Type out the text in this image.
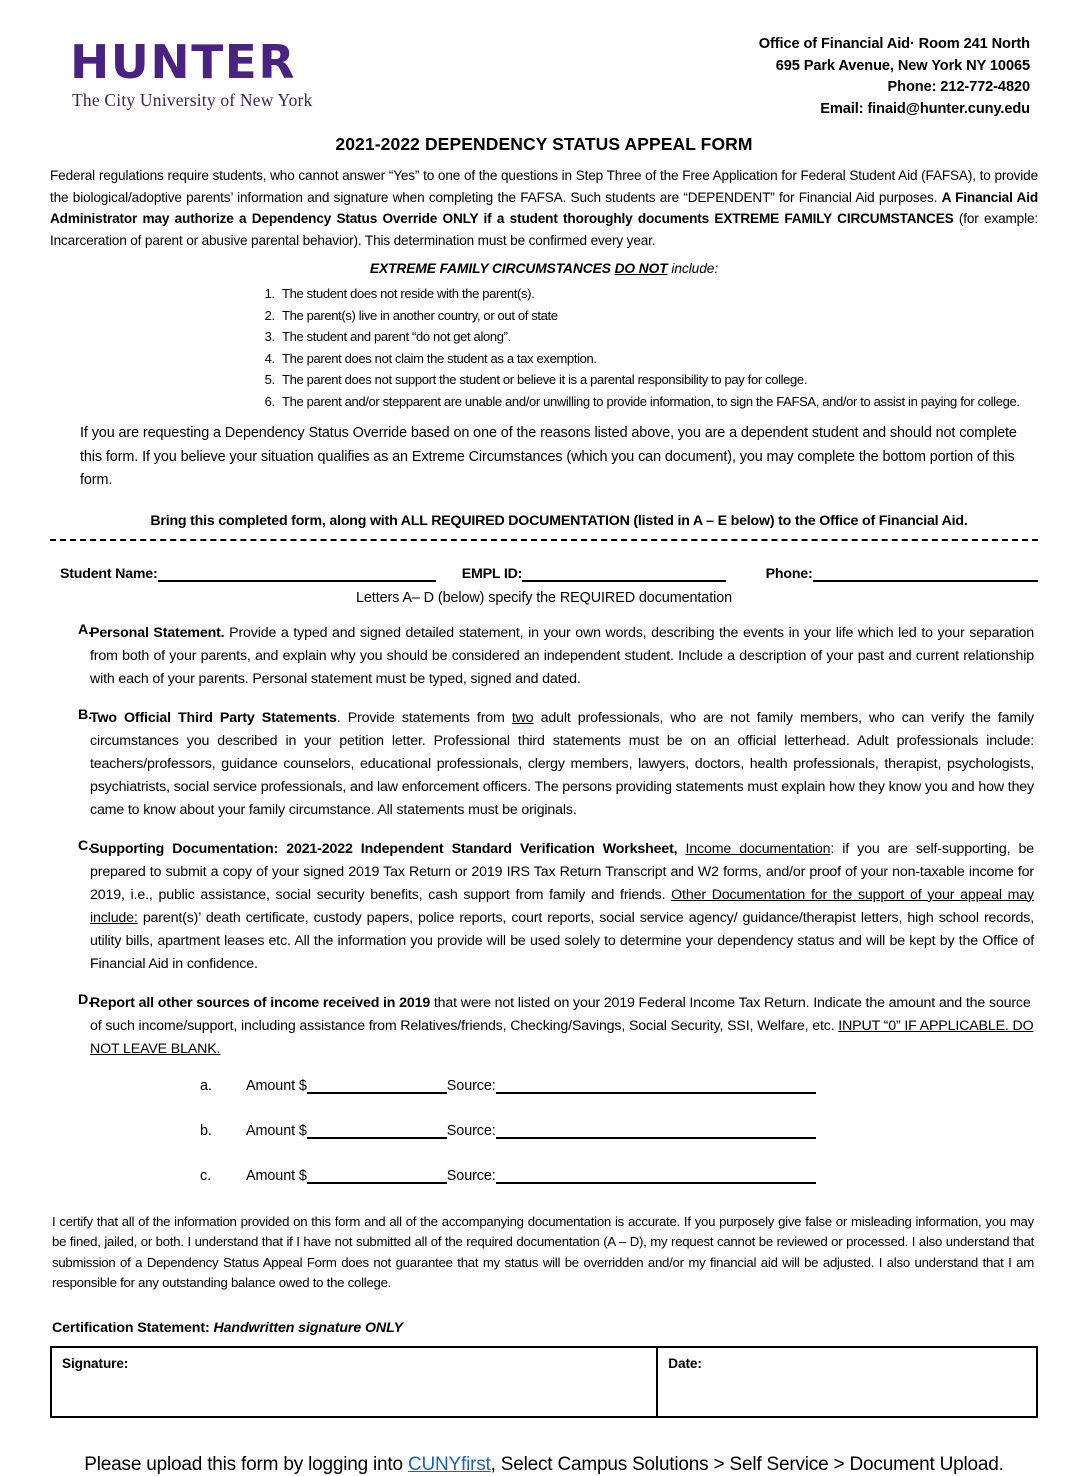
HUNTER
The City University of New York
Office of Financial Aid· Room 241 North
695 Park Avenue, New York NY 10065
Phone: 212-772-4820
Email: finaid@hunter.cuny.edu
2021-2022 DEPENDENCY STATUS APPEAL FORM

Federal regulations require students, who cannot answer “Yes” to one of the questions in Step Three of the Free Application for Federal Student Aid (FAFSA), to provide the biological/adoptive parents’ information and signature when completing the FAFSA. Such students are “DEPENDENT” for Financial Aid purposes. A Financial Aid Administrator may authorize a Dependency Status Override ONLY if a student thoroughly documents EXTREME FAMILY CIRCUMSTANCES (for example: Incarceration of parent or abusive parental behavior). This determination must be confirmed every year.

EXTREME FAMILY CIRCUMSTANCES DO NOT include:
1. The student does not reside with the parent(s).
2. The parent(s) live in another country, or out of state
3. The student and parent “do not get along”.
4. The parent does not claim the student as a tax exemption.
5. The parent does not support the student or believe it is a parental responsibility to pay for college.
6. The parent and/or stepparent are unable and/or unwilling to provide information, to sign the FAFSA, and/or to assist in paying for college.

If you are requesting a Dependency Status Override based on one of the reasons listed above, you are a dependent student and should not complete this form. If you believe your situation qualifies as an Extreme Circumstances (which you can document), you may complete the bottom portion of this form.

Bring this completed form, along with ALL REQUIRED DOCUMENTATION (listed in A – E below) to the Office of Financial Aid.
Student Name:	EMPL ID:	Phone:
Letters A– D (below) specify the REQUIRED documentation
A.
Personal Statement. Provide a typed and signed detailed statement, in your own words, describing the events in your life which led to your separation from both of your parents, and explain why you should be considered an independent student. Include a description of your past and current relationship with each of your parents. Personal statement must be typed, signed and dated.
B.
Two Official Third Party Statements. Provide statements from two adult professionals, who are not family members, who can verify the family circumstances you described in your petition letter. Professional third statements must be on an official letterhead. Adult professionals include: teachers/professors, guidance counselors, educational professionals, clergy members, lawyers, doctors, health professionals, therapist, psychologists, psychiatrists, social service professionals, and law enforcement officers. The persons providing statements must explain how they know you and how they came to know about your family circumstance. All statements must be originals.
C.
Supporting Documentation: 2021-2022 Independent Standard Verification Worksheet, Income documentation: if you are self-supporting, be prepared to submit a copy of your signed 2019 Tax Return or 2019 IRS Tax Return Transcript and W2 forms, and/or proof of your non-taxable income for 2019, i.e., public assistance, social security benefits, cash support from family and friends. Other Documentation for the support of your appeal may include: parent(s)’ death certificate, custody papers, police reports, court reports, social service agency/ guidance/therapist letters, high school records, utility bills, apartment leases etc. All the information you provide will be used solely to determine your dependency status and will be kept by the Office of Financial Aid in confidence.
D.
Report all other sources of income received in 2019 that were not listed on your 2019 Federal Income Tax Return. Indicate the amount and the source of such income/support, including assistance from Relatives/friends, Checking/Savings, Social Security, SSI, Welfare, etc. INPUT “0” IF APPLICABLE. DO NOT LEAVE BLANK.
a.	Amount $	Source:
b.	Amount $	Source:
c.	Amount $	Source:

I certify that all of the information provided on this form and all of the accompanying documentation is accurate. If you purposely give false or misleading information, you may be fined, jailed, or both. I understand that if I have not submitted all of the required documentation (A – D), my request cannot be reviewed or processed. I also understand that submission of a Dependency Status Appeal Form does not guarantee that my status will be overridden and/or my financial aid will be adjusted. I also understand that I am responsible for any outstanding balance owed to the college.

Certification Statement: Handwritten signature ONLY
Signature:	Date:
Please upload this form by logging into CUNYfirst, Select Campus Solutions > Self Service > Document Upload.
